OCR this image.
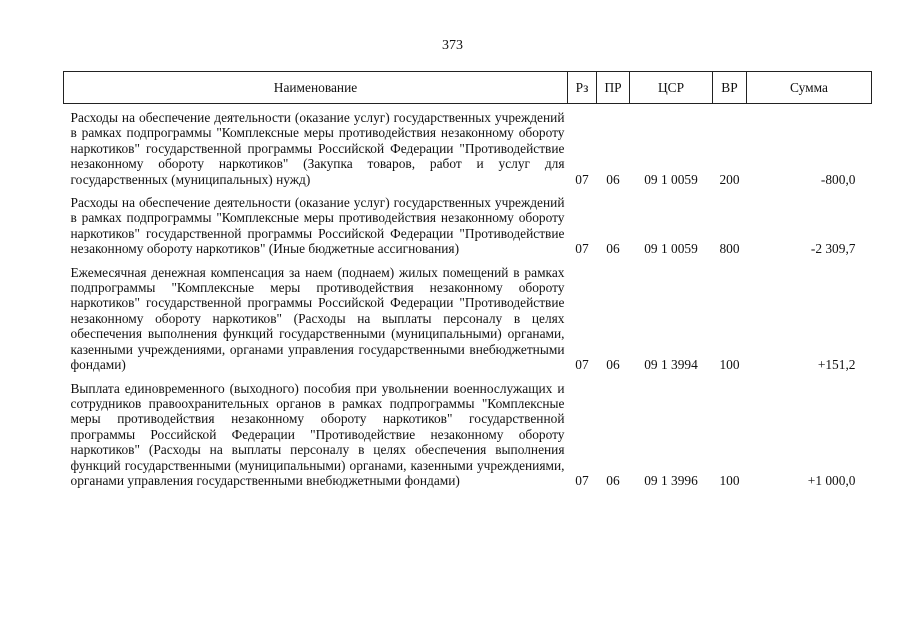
373
Наименование	Рз	ПР	ЦСР	ВР	Сумма

Расходы на обеспечение деятельности (оказание услуг) государственных учреждений в рамках подпрограммы "Комплексные меры противодействия незаконному обороту наркотиков" государственной программы Российской Федерации "Противодействие незаконному обороту наркотиков" (Закупка товаров, работ и услуг для государственных (муниципальных) нужд)	07	06	09 1 0059	200	-800,0

Расходы на обеспечение деятельности (оказание услуг) государственных учреждений в рамках подпрограммы "Комплексные меры противодействия незаконному обороту наркотиков" государственной программы Российской Федерации "Противодействие незаконному обороту наркотиков" (Иные бюджетные ассигнования)	07	06	09 1 0059	800	-2 309,7

Ежемесячная денежная компенсация за наем (поднаем) жилых помещений в рамках подпрограммы "Комплексные меры противодействия незаконному обороту наркотиков" государственной программы Российской Федерации "Противодействие незаконному обороту наркотиков" (Расходы на выплаты персоналу в целях обеспечения выполнения функций государственными (муниципальными) органами, казенными учреждениями, органами управления государственными внебюджетными фондами)	07	06	09 1 3994	100	+151,2

Выплата единовременного (выходного) пособия при увольнении военнослужащих и сотрудников правоохранительных органов в рамках подпрограммы "Комплексные меры противодействия незаконному обороту наркотиков" государственной программы Российской Федерации "Противодействие незаконному обороту наркотиков" (Расходы на выплаты персоналу в целях обеспечения выполнения функций государственными (муниципальными) органами, казенными учреждениями, органами управления государственными внебюджетными фондами)	07	06	09 1 3996	100	+1 000,0
